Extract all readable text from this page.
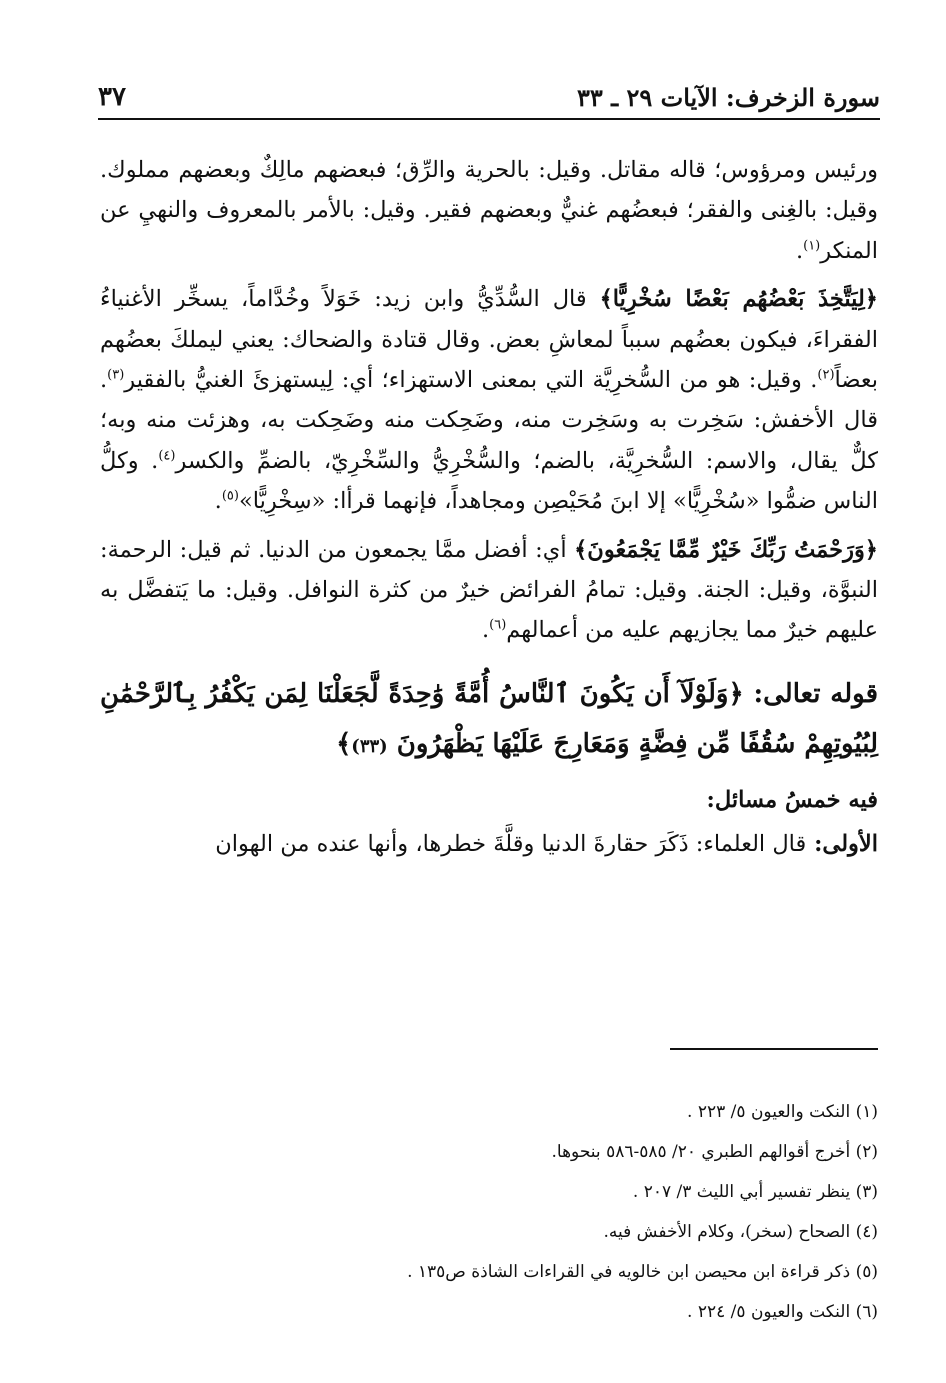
سورة الزخرف: الآيات ٢٩ ـ ٣٣
٣٧

ورئيس ومرؤوس؛ قاله مقاتل. وقيل: بالحرية والرِّق؛ فبعضهم مالِكٌ وبعضهم مملوك. وقيل: بالغِنى والفقر؛ فبعضُهم غنيٌّ وبعضهم فقير. وقيل: بالأمر بالمعروف والنهيِ عن المنكر$^{(١)}$.

﴿لِيَتَّخِذَ بَعْضُهُم بَعْضًا سُخْرِيًّا﴾ قال السُّدِّيُّ وابن زيد: خَوَلاً وخُدَّاماً، يسخِّر الأغنياءُ الفقراءَ، فيكون بعضُهم سبباً لمعاشِ بعض. وقال قتادة والضحاك: يعني ليملكَ بعضُهم بعضاً$^{(٢)}$. وقيل: هو من السُّخرِيَّة التي بمعنى الاستهزاء؛ أي: لِيستهزئَ الغنيُّ بالفقير$^{(٣)}$. قال الأخفش: سَخِرت به وسَخِرت منه، وضَحِكت منه وضَحِكت به، وهزئت منه وبه؛ كلٌّ يقال، والاسم: السُّخرِيَّة، بالضم؛ والسُّخْرِيُّ والسِّخْرِيّ، بالضمِّ والكسر$^{(٤)}$. وكلُّ الناس ضمُّوا «سُخْرِيًّا» إلا ابنَ مُحَيْصِن ومجاهداً، فإنهما قرأا: «سِخْرِيًّا»$^{(٥)}$.

﴿وَرَحْمَتُ رَبِّكَ خَيْرٌ مِّمَّا يَجْمَعُونَ﴾ أي: أفضل ممَّا يجمعون من الدنيا. ثم قيل: الرحمة: النبوَّة، وقيل: الجنة. وقيل: تمامُ الفرائض خيرٌ من كثرة النوافل. وقيل: ما يَتفضَّل به عليهم خيرٌ مما يجازيهم عليه من أعمالهم$^{(٦)}$.

قوله تعالى: ﴿وَلَوْلَآ أَن يَكُونَ ٱلنَّاسُ أُمَّةً وَٰحِدَةً لَّجَعَلْنَا لِمَن يَكْفُرُ بِٱلرَّحْمَٰنِ لِبُيُوتِهِمْ سُقُفًا مِّن فِضَّةٍ وَمَعَارِجَ عَلَيْهَا يَظْهَرُونَ (٣٣)﴾

فيه خمسُ مسائل:

الأولى: قال العلماء: ذَكَرَ حقارةَ الدنيا وقلَّةَ خطرها، وأنها عنده من الهوان

(١) النكت والعيون ٥/ ٢٢٣ .

(٢) أخرج أقوالهم الطبري ٢٠/ ٥٨٥-٥٨٦ بنحوها.

(٣) ينظر تفسير أبي الليث ٣/ ٢٠٧ .

(٤) الصحاح (سخر)، وكلام الأخفش فيه.

(٥) ذكر قراءة ابن محيصن ابن خالويه في القراءات الشاذة ص١٣٥ .

(٦) النكت والعيون ٥/ ٢٢٤ .
